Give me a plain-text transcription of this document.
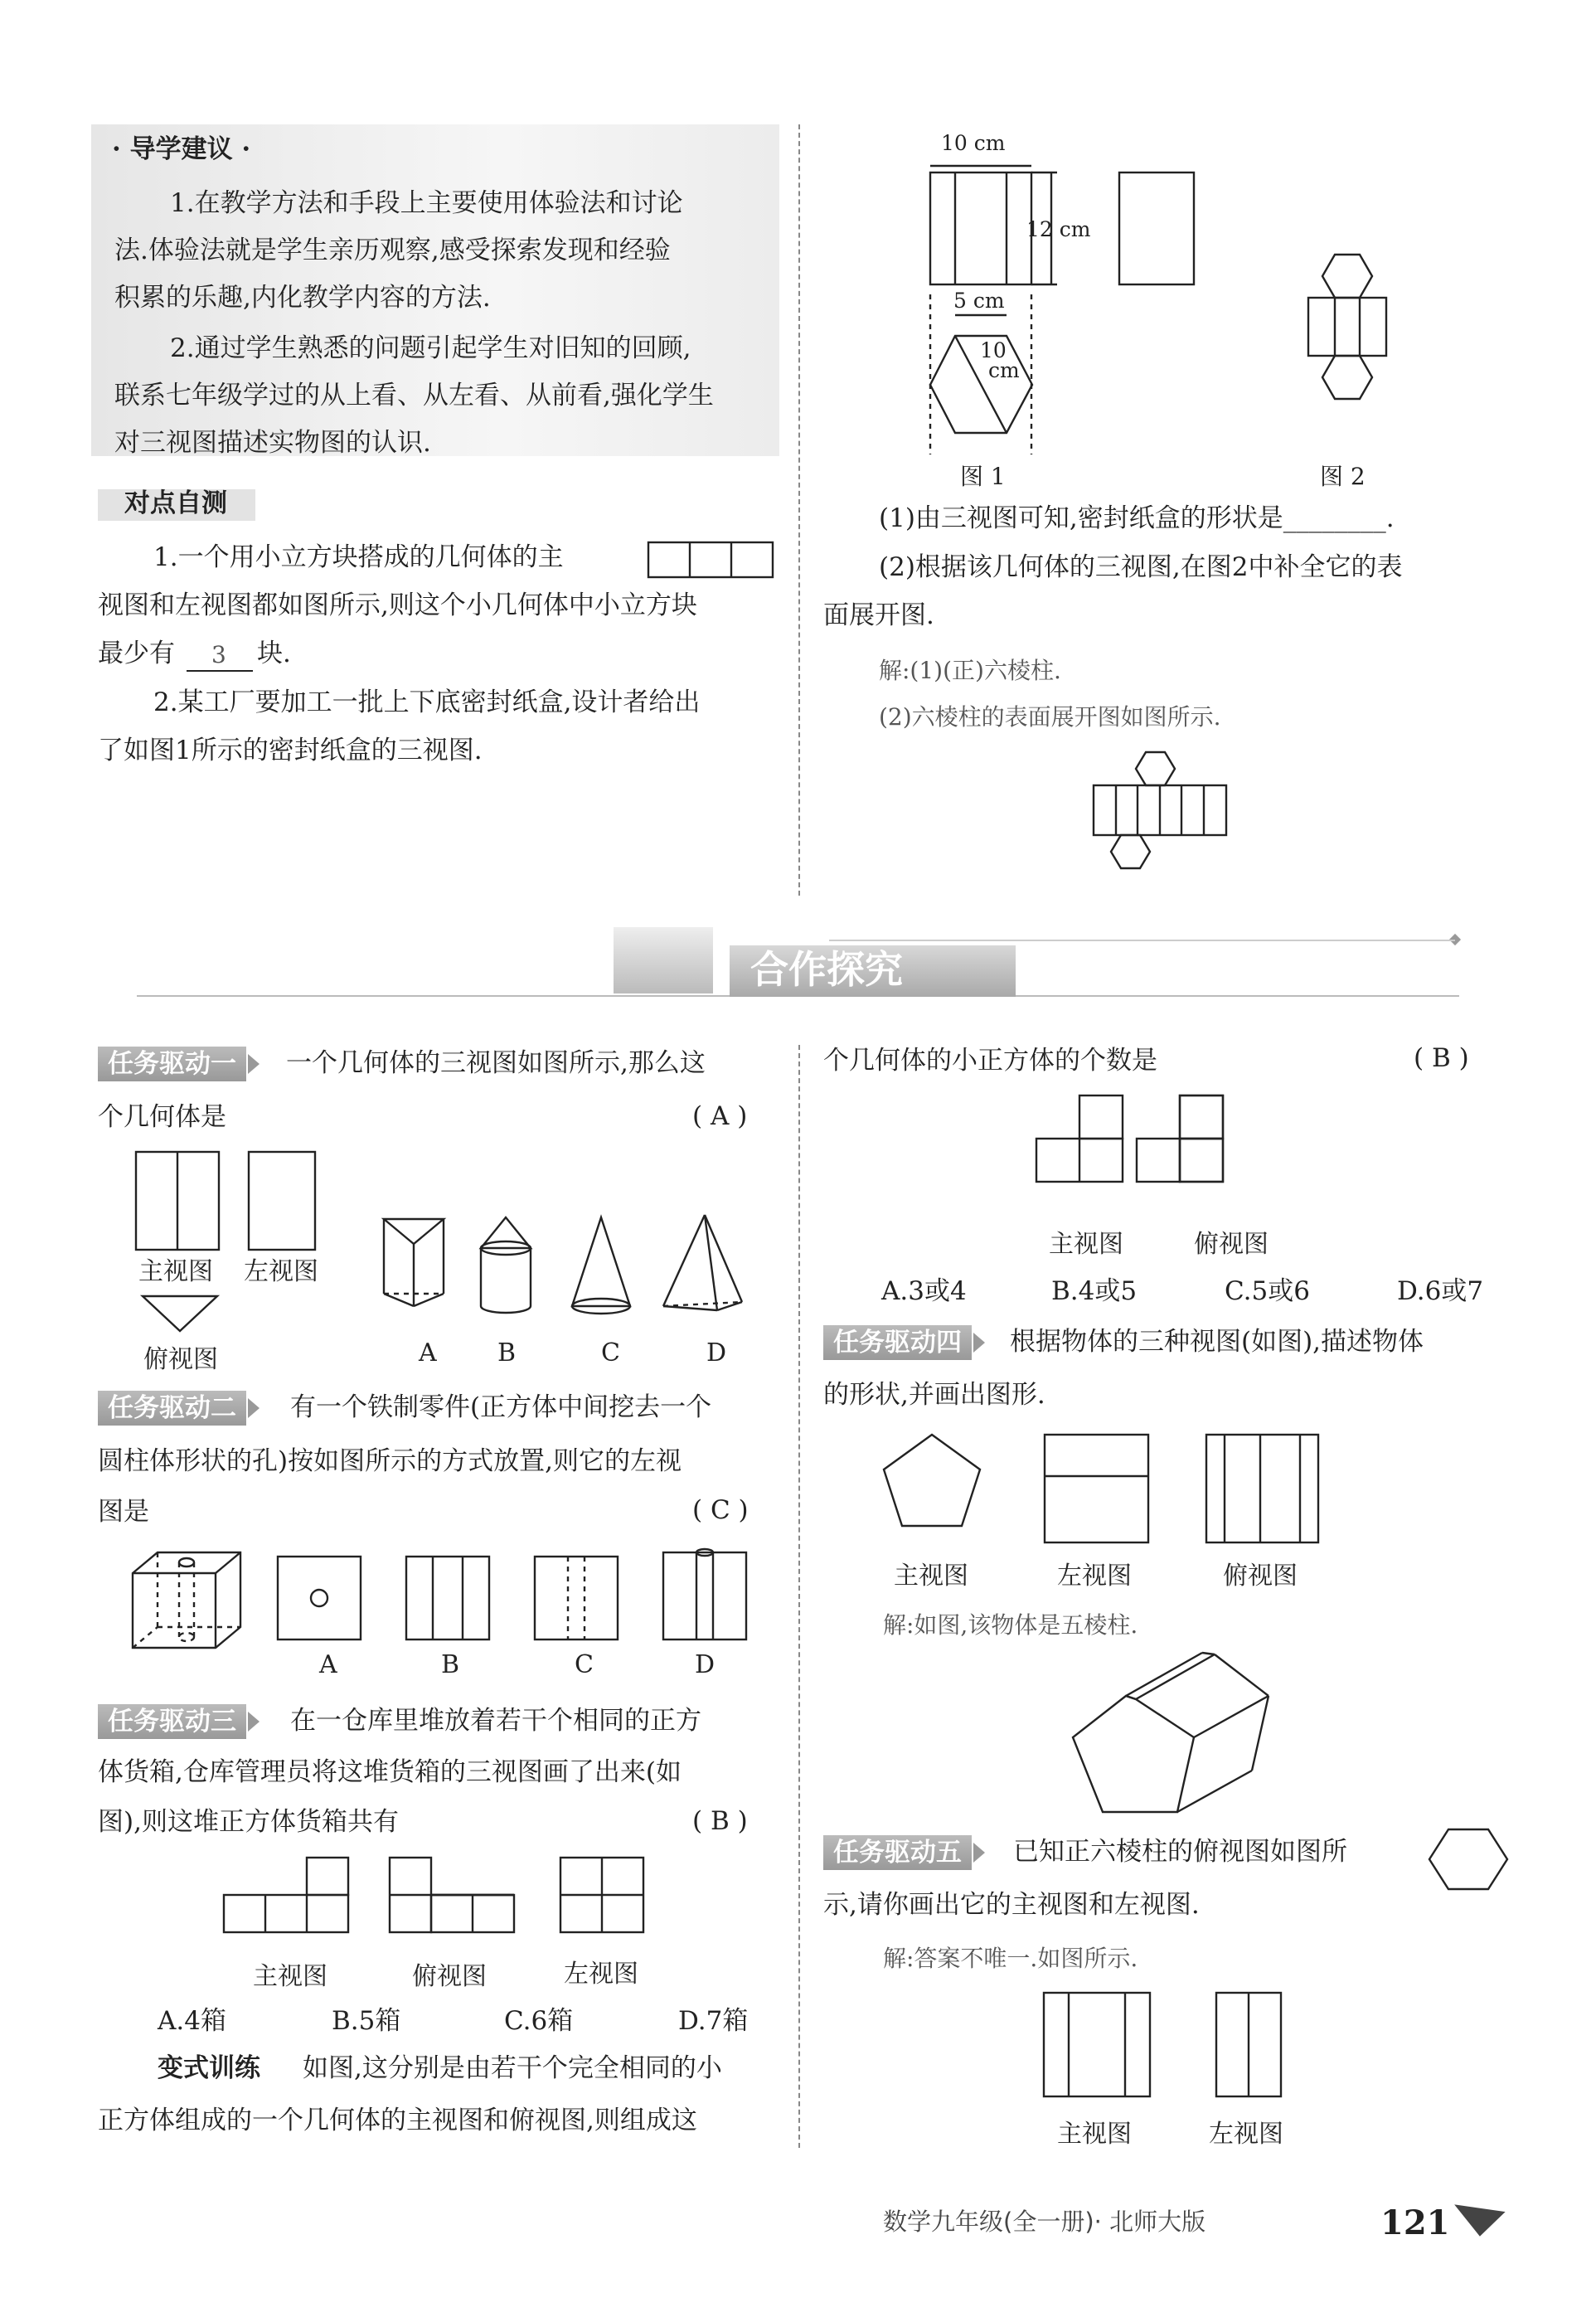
· 导学建议 ·
1.在教学方法和手段上主要使用体验法和讨论
法.体验法就是学生亲历观察,感受探索发现和经验
积累的乐趣,内化教学内容的方法.
2.通过学生熟悉的问题引起学生对旧知的回顾,
联系七年级学过的从上看、从左看、从前看,强化学生
对三视图描述实物图的认识.
对点自测
1.一个用小立方块搭成的几何体的主
视图和左视图都如图所示,则这个小几何体中小立方块
最少有 3 块.
2.某工厂要加工一批上下底密封纸盒,设计者给出
了如图1所示的密封纸盒的三视图.
10 cm
12 cm
5 cm
10
cm
图 1	图 2
(1)由三视图可知,密封纸盒的形状是________.
(2)根据该几何体的三视图,在图2中补全它的表
面展开图.
解:(1)(正)六棱柱.
(2)六棱柱的表面展开图如图所示.
合作探究
任务驱动一	一个几何体的三视图如图所示,那么这
个几何体是	( A )
主视图 左视图
俯视图	A B	C	D
任务驱动二	有一个铁制零件(正方体中间挖去一个
圆柱体形状的孔)按如图所示的方式放置,则它的左视
图是	( C )
A	B	C	D
任务驱动三	在一仓库里堆放着若干个相同的正方
体货箱,仓库管理员将这堆货箱的三视图画了出来(如
图),则这堆正方体货箱共有	( B )
主视图	俯视图	左视图
A.4箱	B.5箱	C.6箱	D.7箱
变式训练 如图,这分别是由若干个完全相同的小
正方体组成的一个几何体的主视图和俯视图,则组成这
个几何体的小正方体的个数是	( B )
主视图	俯视图
A.3或4	B.4或5	C.5或6	D.6或7
任务驱动四	根据物体的三种视图(如图),描述物体
的形状,并画出图形.
主视图	左视图	俯视图
解:如图,该物体是五棱柱.
任务驱动五	已知正六棱柱的俯视图如图所
示,请你画出它的主视图和左视图.
解:答案不唯一.如图所示.
主视图	左视图
数学九年级(全一册)· 北师大版	121
